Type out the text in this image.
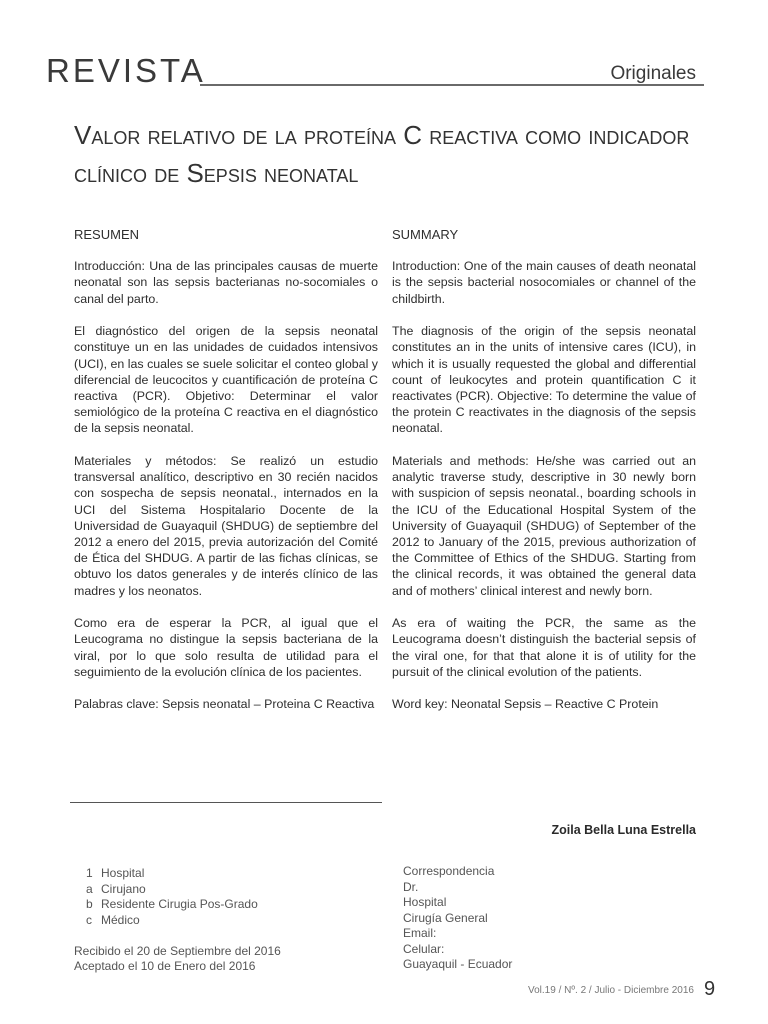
REVISTA	Originales
Valor relativo de la proteína C reactiva como indicador clínico de Sepsis neonatal
RESUMEN

Introducción: Una de las principales causas de muerte neonatal son las sepsis bacterianas no-socomiales o canal del parto.

El diagnóstico del origen de la sepsis neonatal constituye un en las unidades de cuidados intensivos (UCI), en las cuales se suele solicitar el conteo global y diferencial de leucocitos y cuantificación de proteína C reactiva (PCR). Objetivo: Determinar el valor semiológico de la proteína C reactiva en el diagnóstico de la sepsis neonatal.

Materiales y métodos: Se realizó un estudio transversal analítico, descriptivo en 30 recién nacidos con sospecha de sepsis neonatal., internados en la UCI del Sistema Hospitalario Docente de la Universidad de Guayaquil (SHDUG) de septiembre del 2012 a enero del 2015, previa autorización del Comité de Ética del SHDUG. A partir de las fichas clínicas, se obtuvo los datos generales y de interés clínico de las madres y los neonatos.

Como era de esperar la PCR, al igual que el Leucograma no distingue la sepsis bacteriana de la viral, por lo que solo resulta de utilidad para el seguimiento de la evolución clínica de los pacientes.

Palabras clave: Sepsis neonatal – Proteina C Reactiva

SUMMARY

Introduction: One of the main causes of death neonatal is the sepsis bacterial nosocomiales or channel of the childbirth.

The diagnosis of the origin of the sepsis neonatal constitutes an in the units of intensive cares (ICU), in which it is usually requested the global and differential count of leukocytes and protein quantification C it reactivates (PCR). Objective: To determine the value of the protein C reactivates in the diagnosis of the sepsis neonatal.

Materials and methods: He/she was carried out an analytic traverse study, descriptive in 30 newly born with suspicion of sepsis neonatal., boarding schools in the ICU of the Educational Hospital System of the University of Guayaquil (SHDUG) of September of the 2012 to January of the 2015, previous authorization of the Committee of Ethics of the SHDUG. Starting from the clinical records, it was obtained the general data and of mothers’ clinical interest and newly born.

As era of waiting the PCR, the same as the Leucograma doesn’t distinguish the bacterial sepsis of the viral one, for that that alone it is of utility for the pursuit of the clinical evolution of the patients.

Word key: Neonatal Sepsis – Reactive C Protein

Zoila Bella Luna Estrella
1 Hospital
a Cirujano
b Residente Cirugia Pos-Grado
c Médico
Recibido el 20 de Septiembre del 2016
Aceptado el 10 de Enero del 2016
Correspondencia
Dr.
Hospital
Cirugía General
Email:
Celular:
Guayaquil - Ecuador
Vol.19 / Nº. 2 / Julio - Diciembre 2016 9
